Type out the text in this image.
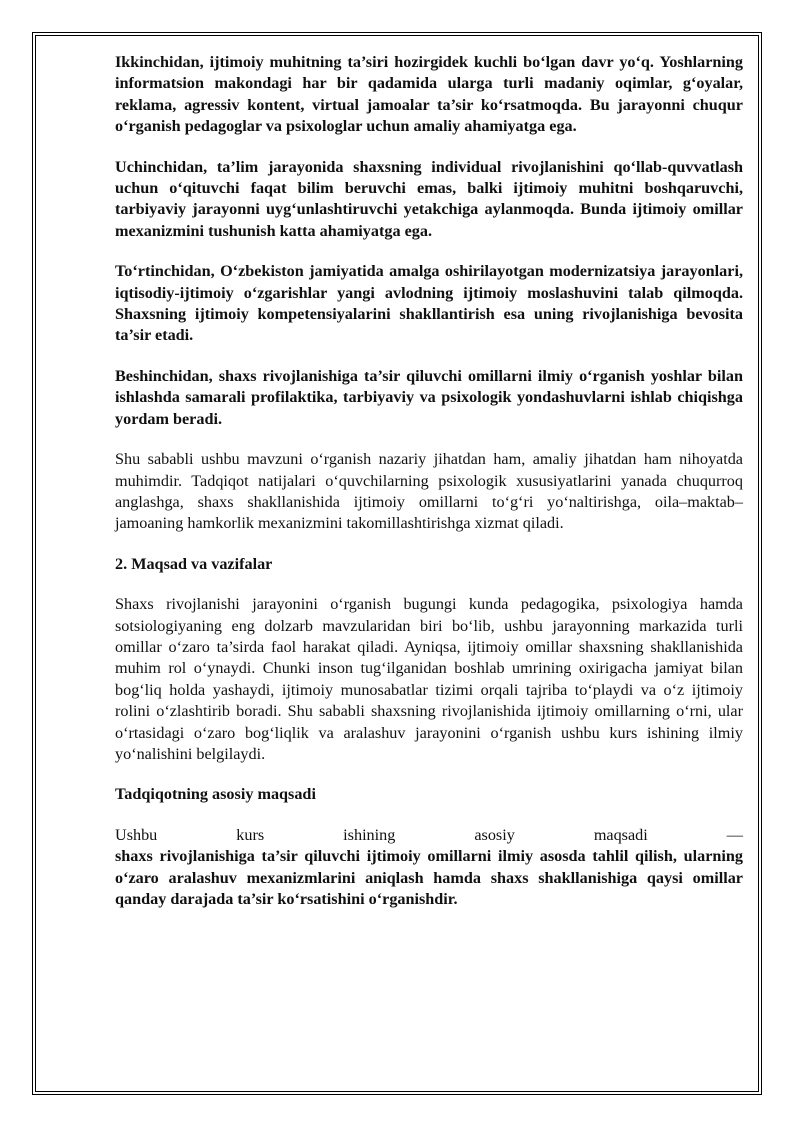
Ikkinchidan, ijtimoiy muhitning ta’siri hozirgidek kuchli bo‘lgan davr yo‘q. Yoshlarning informatsion makondagi har bir qadamida ularga turli madaniy oqimlar, g‘oyalar, reklama, agressiv kontent, virtual jamoalar ta’sir ko‘rsatmoqda. Bu jarayonni chuqur o‘rganish pedagoglar va psixologlar uchun amaliy ahamiyatga ega.

Uchinchidan, ta’lim jarayonida shaxsning individual rivojlanishini qo‘llab-quvvatlash uchun o‘qituvchi faqat bilim beruvchi emas, balki ijtimoiy muhitni boshqaruvchi, tarbiyaviy jarayonni uyg‘unlashtiruvchi yetakchiga aylanmoqda. Bunda ijtimoiy omillar mexanizmini tushunish katta ahamiyatga ega.

To‘rtinchidan, O‘zbekiston jamiyatida amalga oshirilayotgan modernizatsiya jarayonlari, iqtisodiy-ijtimoiy o‘zgarishlar yangi avlodning ijtimoiy moslashuvini talab qilmoqda. Shaxsning ijtimoiy kompetensiyalarini shakllantirish esa uning rivojlanishiga bevosita ta’sir etadi.

Beshinchidan, shaxs rivojlanishiga ta’sir qiluvchi omillarni ilmiy o‘rganish yoshlar bilan ishlashda samarali profilaktika, tarbiyaviy va psixologik yondashuvlarni ishlab chiqishga yordam beradi.

Shu sababli ushbu mavzuni o‘rganish nazariy jihatdan ham, amaliy jihatdan ham nihoyatda muhimdir. Tadqiqot natijalari o‘quvchilarning psixologik xususiyatlarini yanada chuqurroq anglashga, shaxs shakllanishida ijtimoiy omillarni to‘g‘ri yo‘naltirishga, oila–maktab–jamoaning hamkorlik mexanizmini takomillashtirishga xizmat qiladi.

2. Maqsad va vazifalar

Shaxs rivojlanishi jarayonini o‘rganish bugungi kunda pedagogika, psixologiya hamda sotsiologiyaning eng dolzarb mavzularidan biri bo‘lib, ushbu jarayonning markazida turli omillar o‘zaro ta’sirda faol harakat qiladi. Ayniqsa, ijtimoiy omillar shaxsning shakllanishida muhim rol o‘ynaydi. Chunki inson tug‘ilganidan boshlab umrining oxirigacha jamiyat bilan bog‘liq holda yashaydi, ijtimoiy munosabatlar tizimi orqali tajriba to‘playdi va o‘z ijtimoiy rolini o‘zlashtirib boradi. Shu sababli shaxsning rivojlanishida ijtimoiy omillarning o‘rni, ular o‘rtasidagi o‘zaro bog‘liqlik va aralashuv jarayonini o‘rganish ushbu kurs ishining ilmiy yo‘nalishini belgilaydi.

Tadqiqotning asosiy maqsadi
Ushbu	kurs	ishining	asosiy	maqsadi	—

shaxs rivojlanishiga ta’sir qiluvchi ijtimoiy omillarni ilmiy asosda tahlil qilish, ularning o‘zaro aralashuv mexanizmlarini aniqlash hamda shaxs shakllanishiga qaysi omillar qanday darajada ta’sir ko‘rsatishini o‘rganishdir.
